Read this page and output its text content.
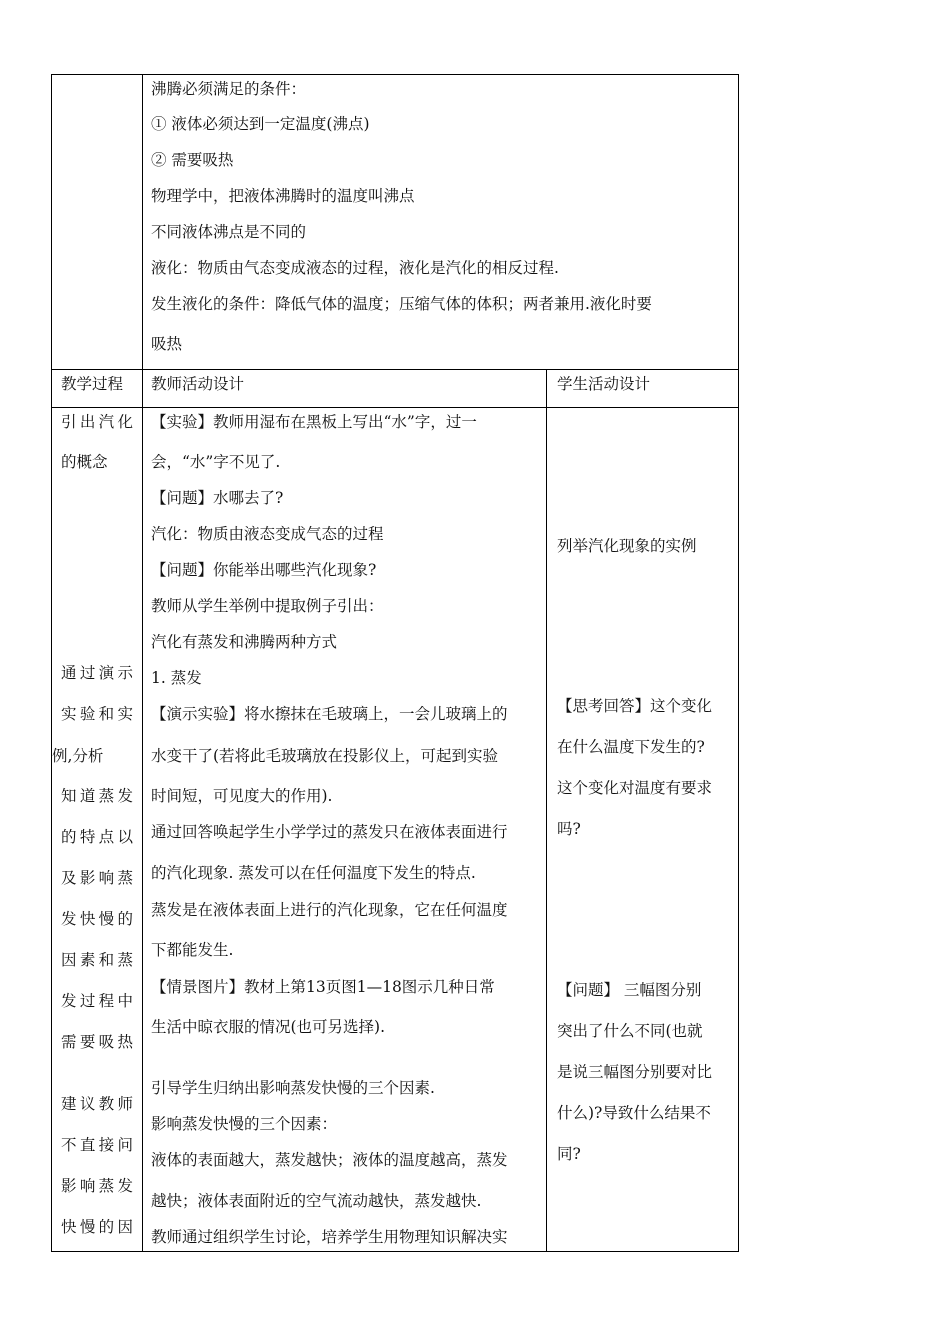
沸腾必须满足的条件：
① 液体必须达到一定温度(沸点)
② 需要吸热
物理学中，把液体沸腾时的温度叫沸点
不同液体沸点是不同的
液化：物质由气态变成液态的过程，液化是汽化的相反过程.
发生液化的条件：降低气体的温度；压缩气体的体积；两者兼用.液化时要
吸热
教学过程 教师活动设计	学生活动设计
引出汽化
的概念
通过演示
实验和实
例,分析
知道蒸发
的特点以
及影响蒸
发快慢的
因素和蒸
发过程中
需要吸热
建议教师
不直接问
影响蒸发
快慢的因
【实验】教师用湿布在黑板上写出“水”字，过一
会，“水”字不见了.
【问题】水哪去了?
汽化：物质由液态变成气态的过程
【问题】你能举出哪些汽化现象?
教师从学生举例中提取例子引出：
汽化有蒸发和沸腾两种方式
1. 蒸发
【演示实验】将水擦抹在毛玻璃上，一会儿玻璃上的
水变干了(若将此毛玻璃放在投影仪上，可起到实验
时间短，可见度大的作用).
通过回答唤起学生小学学过的蒸发只在液体表面进行
的汽化现象. 蒸发可以在任何温度下发生的特点.
蒸发是在液体表面上进行的汽化现象，它在任何温度
下都能发生.
【情景图片】教材上第13页图1—18图示几种日常
生活中晾衣服的情况(也可另选择).
引导学生归纳出影响蒸发快慢的三个因素.
影响蒸发快慢的三个因素：
液体的表面越大，蒸发越快；液体的温度越高，蒸发
越快；液体表面附近的空气流动越快，蒸发越快.
教师通过组织学生讨论，培养学生用物理知识解决实
列举汽化现象的实例
【思考回答】这个变化
在什么温度下发生的?
这个变化对温度有要求
吗?
【问题】 三幅图分别
突出了什么不同(也就
是说三幅图分别要对比
什么)?导致什么结果不
同?
